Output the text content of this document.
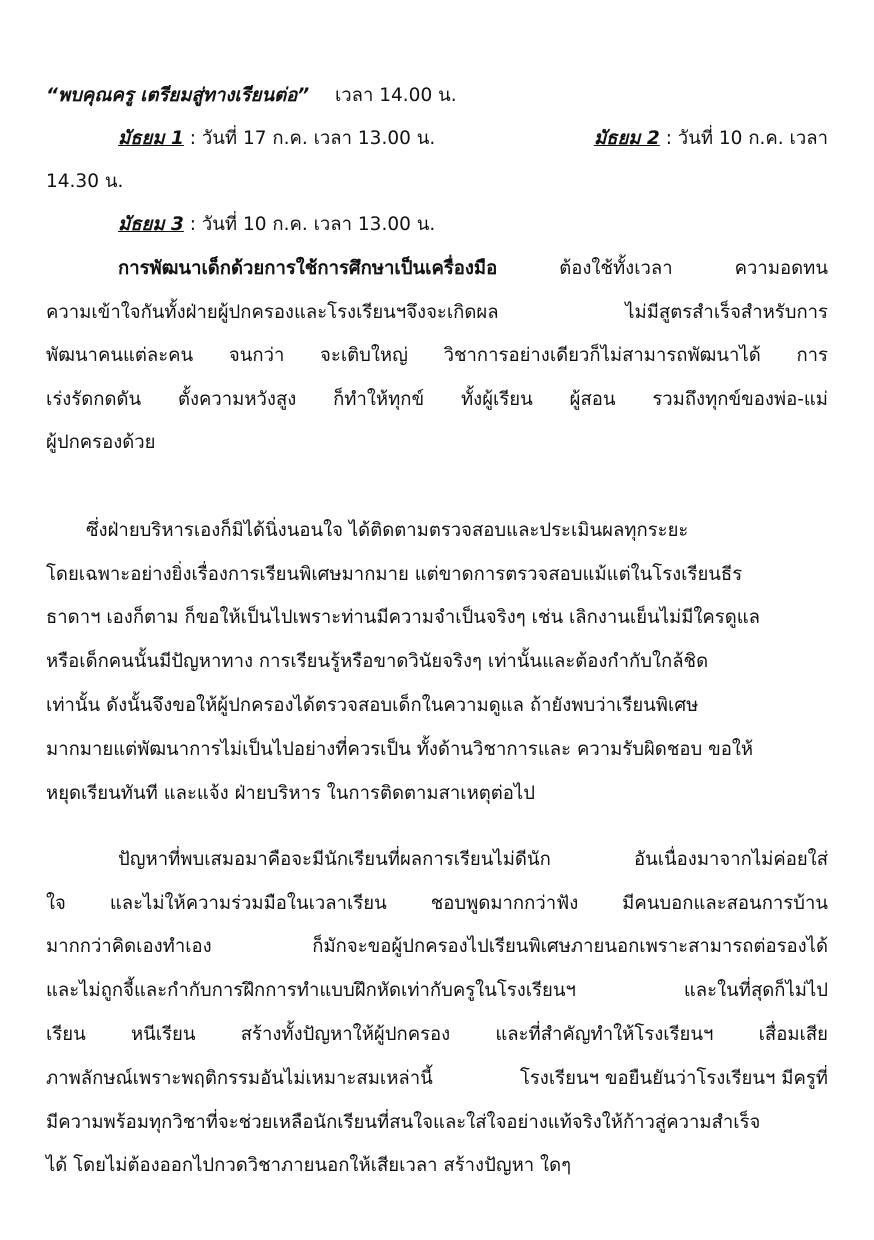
“พบคุณครู เตรียมสู่ทางเรียนต่อ” เวลา 14.00 น.
มัธยม 1 : วันที่ 17 ก.ค. เวลา 13.00 น.	มัธยม 2 : วันที่ 10 ก.ค. เวลา
14.30 น.
มัธยม 3 : วันที่ 10 ก.ค. เวลา 13.00 น.
การพัฒนาเด็กด้วยการใช้การศึกษาเป็นเครื่องมือ	ต้องใช้ทั้งเวลา	ความอดทน
ความเข้าใจกันทั้งฝ่ายผู้ปกครองและโรงเรียนฯจึงจะเกิดผล	ไม่มีสูตรสำเร็จสำหรับการ
พัฒนาคนแต่ละคน จนกว่า จะเติบใหญ่ วิชาการอย่างเดียวก็ไม่สามารถพัฒนาได้ การ
เร่งรัดกดดัน ตั้งความหวังสูง ก็ทำให้ทุกข์ ทั้งผู้เรียน ผู้สอน รวมถึงทุกข์ของพ่อ-แม่
ผู้ปกครองด้วย
ซึ่งฝ่ายบริหารเองก็มิได้นิ่งนอนใจ ได้ติดตามตรวจสอบและประเมินผลทุกระยะ
โดยเฉพาะอย่างยิ่งเรื่องการเรียนพิเศษมากมาย แต่ขาดการตรวจสอบแม้แต่ในโรงเรียนธีร
ธาดาฯ เองก็ตาม ก็ขอให้เป็นไปเพราะท่านมีความจำเป็นจริงๆ เช่น เลิกงานเย็นไม่มีใครดูแล
หรือเด็กคนนั้นมีปัญหาทาง การเรียนรู้หรือขาดวินัยจริงๆ เท่านั้นและต้องกำกับใกล้ชิด
เท่านั้น ดังนั้นจึงขอให้ผู้ปกครองได้ตรวจสอบเด็กในความดูแล ถ้ายังพบว่าเรียนพิเศษ
มากมายแต่พัฒนาการไม่เป็นไปอย่างที่ควรเป็น ทั้งด้านวิชาการและ ความรับผิดชอบ ขอให้
หยุดเรียนทันที และแจ้ง ฝ่ายบริหาร ในการติดตามสาเหตุต่อไป
ปัญหาที่พบเสมอมาคือจะมีนักเรียนที่ผลการเรียนไม่ดีนัก	อันเนื่องมาจากไม่ค่อยใส่
ใจ และไม่ให้ความร่วมมือในเวลาเรียน ชอบพูดมากกว่าฟัง มีคนบอกและสอนการบ้าน
มากกว่าคิดเองทำเอง	ก็มักจะขอผู้ปกครองไปเรียนพิเศษภายนอกเพราะสามารถต่อรองได้
และไม่ถูกจี้และกำกับการฝึกการทำแบบฝึกหัดเท่ากับครูในโรงเรียนฯ	และในที่สุดก็ไม่ไป
เรียน หนีเรียน สร้างทั้งปัญหาให้ผู้ปกครอง และที่สำคัญทำให้โรงเรียนฯ เสื่อมเสีย
ภาพลักษณ์เพราะพฤติกรรมอันไม่เหมาะสมเหล่านี้	โรงเรียนฯ ขอยืนยันว่าโรงเรียนฯ มีครูที่
มีความพร้อมทุกวิชาที่จะช่วยเหลือนักเรียนที่สนใจและใส่ใจอย่างแท้จริงให้ก้าวสู่ความสำเร็จ
ได้ โดยไม่ต้องออกไปกวดวิชาภายนอกให้เสียเวลา สร้างปัญหา ใดๆ
